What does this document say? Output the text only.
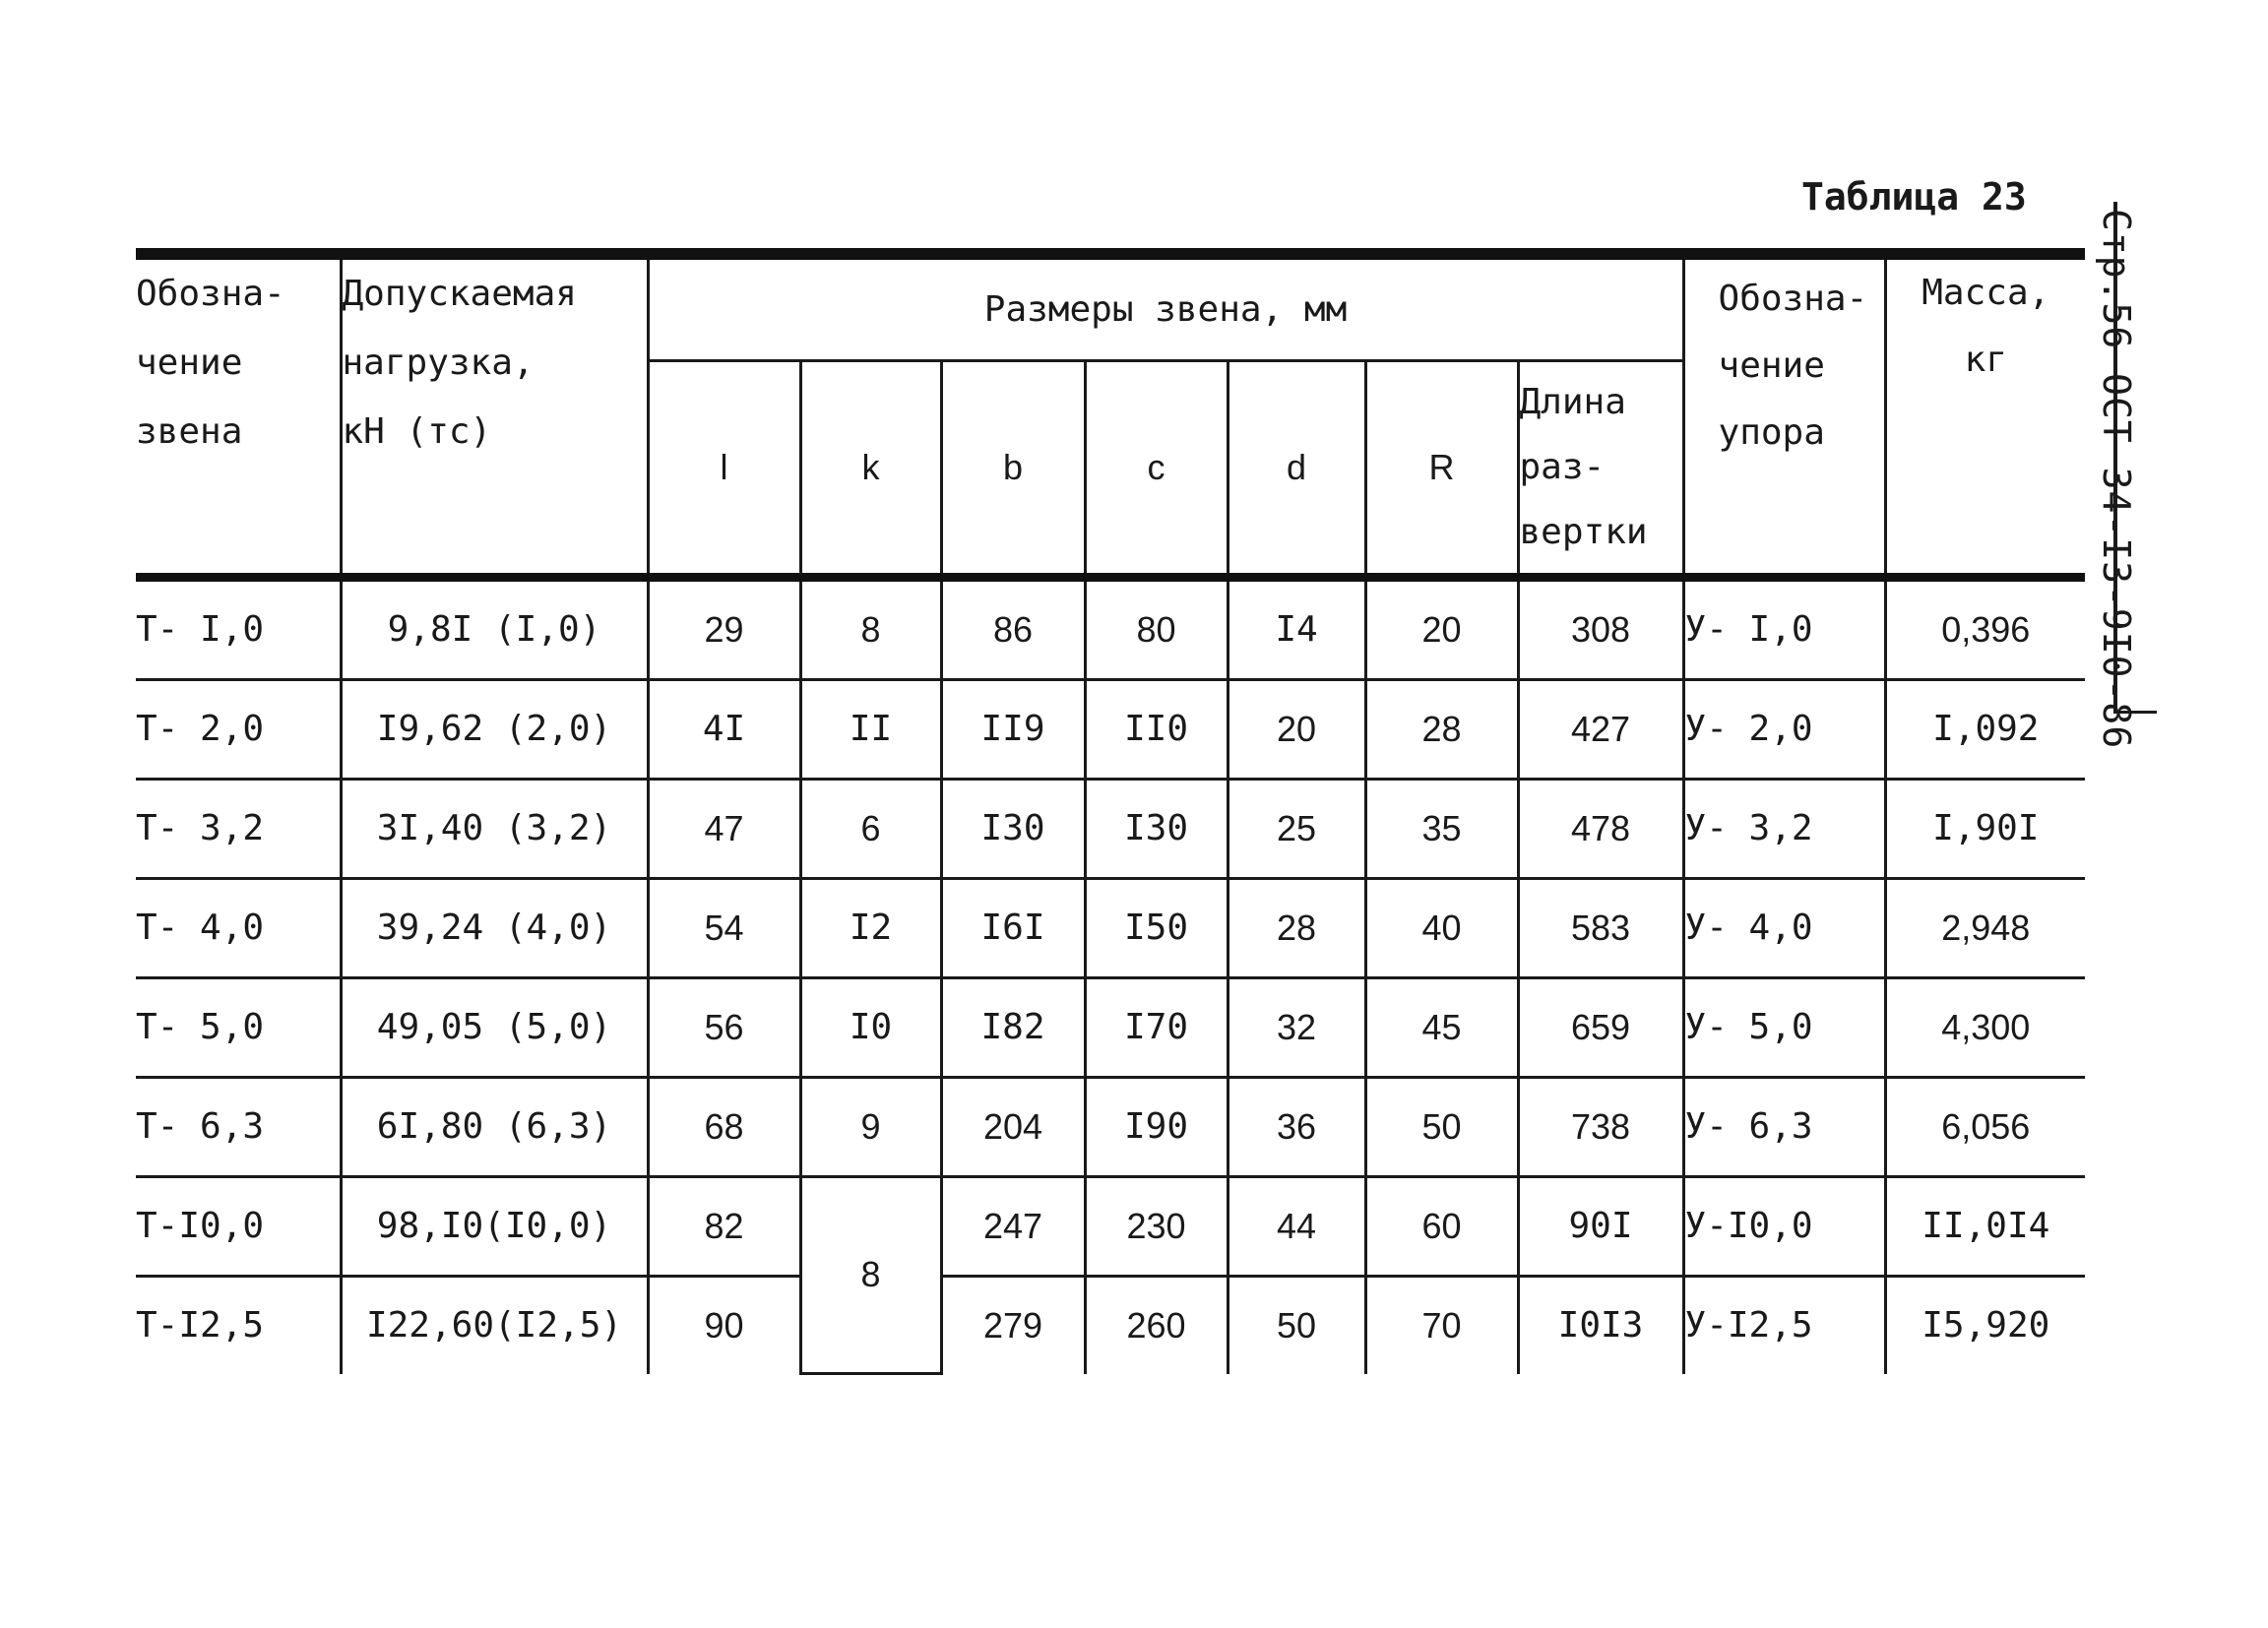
Таблица 23
Стр.56 ОСТ 34-I3-9I0-86
Обозна-
чение
звена	Допускаемая
нагрузка,
кН (тс)	Размеры звена, мм							Обозна-
чение
упора	Масса,
кг
		l	k	b	c	d	R	Длина
раз-
вертки		
Т- I,0	9,8I (I,0)	29	8	86	80	I4	20	308	У- I,0	0,396
Т- 2,0	I9,62 (2,0)	4I	II	II9	II0	20	28	427	У- 2,0	I,092
Т- 3,2	3I,40 (3,2)	47	6	I30	I30	25	35	478	У- 3,2	I,90I
Т- 4,0	39,24 (4,0)	54	I2	I6I	I50	28	40	583	У- 4,0	2,948
Т- 5,0	49,05 (5,0)	56	I0	I82	I70	32	45	659	У- 5,0	4,300
Т- 6,3	6I,80 (6,3)	68	9	204	I90	36	50	738	У- 6,3	6,056
Т-I0,0	98,I0(I0,0)	82	8	247	230	44	60	90I	У-I0,0	II,0I4
Т-I2,5	I22,60(I2,5)	90		279	260	50	70	I0I3	У-I2,5	I5,920
